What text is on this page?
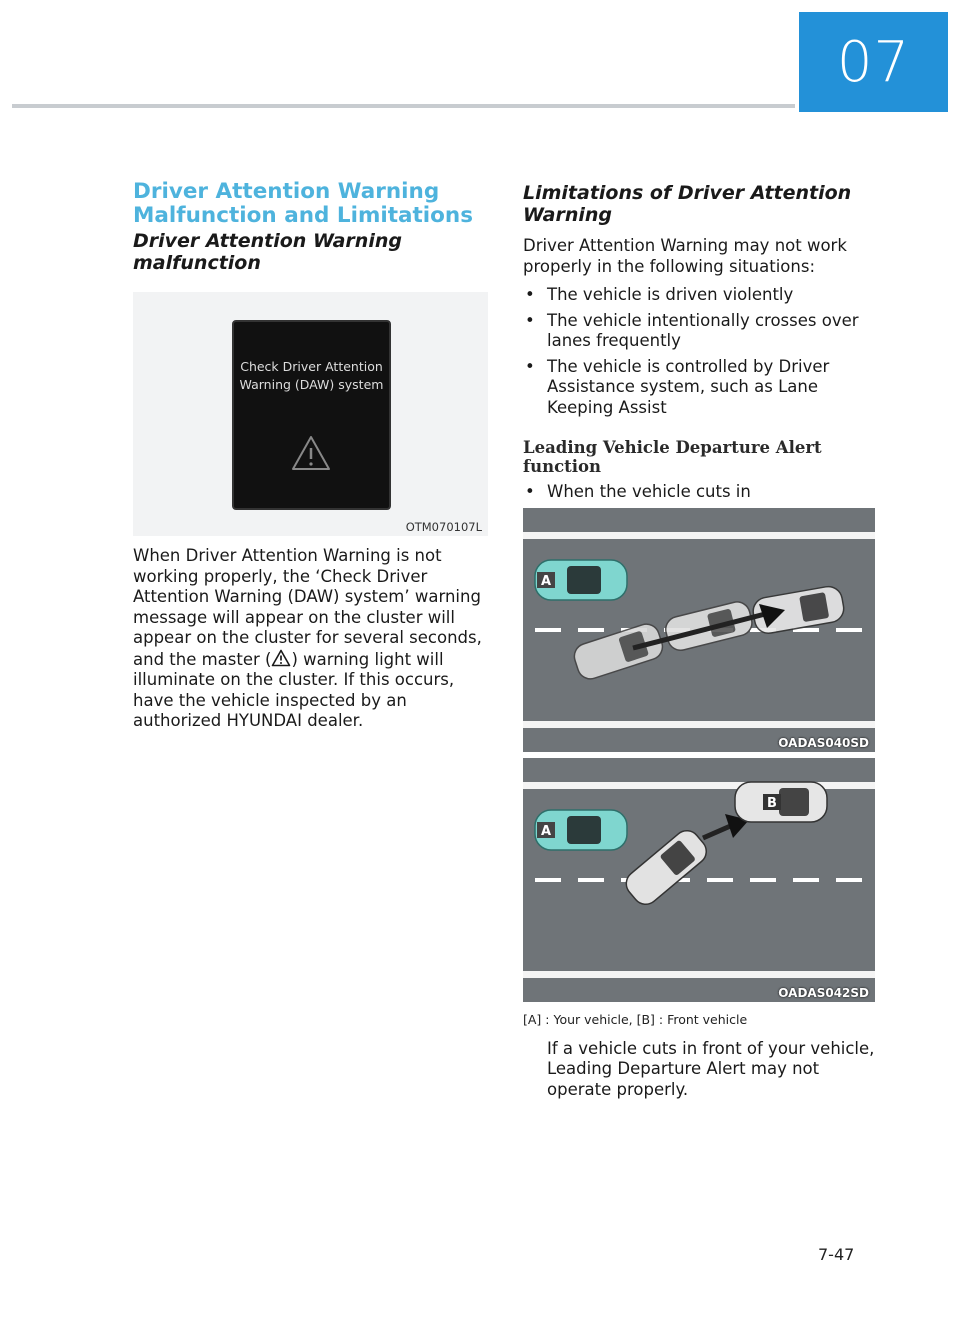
07
Driver Attention Warning Malfunction and Limitations
Driver Attention Warning malfunction
Check Driver Attention Warning (DAW) system
OTM070107L

When Driver Attention Warning is not working properly, the ‘Check Driver Attention Warning (DAW) system’ warning message will appear on the cluster will appear on the cluster for several seconds, and the master ( ) warning light will illuminate on the cluster. If this occurs, have the vehicle inspected by an authorized HYUNDAI dealer.

Limitations of Driver Attention Warning

Driver Attention Warning may not work properly in the following situations:

• The vehicle is driven violently
• The vehicle intentionally crosses over lanes frequently
• The vehicle is controlled by Driver Assistance system, such as Lane Keeping Assist

Leading Vehicle Departure Alert function

• When the vehicle cuts in
A
OADAS040SD
A
B
OADAS042SD

[A] : Your vehicle, [B] : Front vehicle

If a vehicle cuts in front of your vehicle, Leading Departure Alert may not operate properly.

7-47
